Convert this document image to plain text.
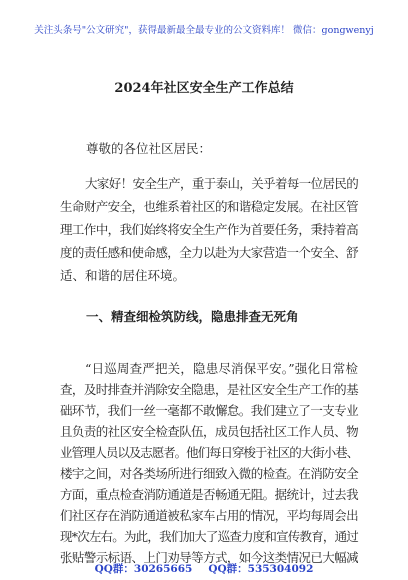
关注头条号"公文研究"，获得最新最全最专业的公文资料库！ 微信：gongwenyj
2024年社区安全生产工作总结
尊敬的各位社区居民：
大家好！安全生产，重于泰山，关乎着每一位居民的
生命财产安全，也维系着社区的和谐稳定发展。在社区管
理工作中，我们始终将安全生产作为首要任务，秉持着高
度的责任感和使命感，全力以赴为大家营造一个安全、舒
适、和谐的居住环境。
一、精查细检筑防线，隐患排查无死角
“日巡周查严把关，隐患尽消保平安。”强化日常检
查，及时排查并消除安全隐患，是社区安全生产工作的基
础环节，我们一丝一毫都不敢懈怠。我们建立了一支专业
且负责的社区安全检查队伍，成员包括社区工作人员、物
业管理人员以及志愿者。他们每日穿梭于社区的大街小巷、
楼宇之间，对各类场所进行细致入微的检查。在消防安全
方面，重点检查消防通道是否畅通无阻。据统计，过去我
们社区存在消防通道被私家车占用的情况，平均每周会出
现*次左右。为此，我们加大了巡查力度和宣传教育，通过
张贴警示标语、上门劝导等方式，如今这类情况已大幅减
QQ群：30265665 QQ群：535304092
